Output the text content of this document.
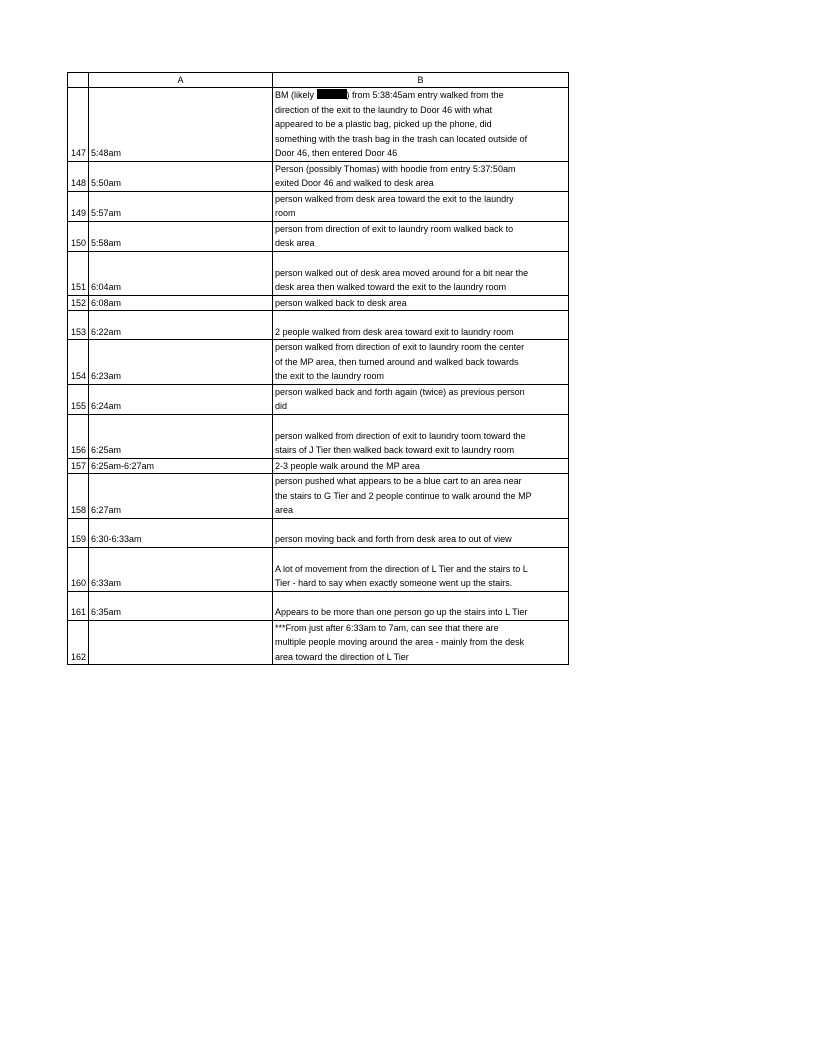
	A	B
147	5:48am	BM (likely ) from 5:38:45am entry walked from the
direction of the exit to the laundry to Door 46 with what
appeared to be a plastic bag, picked up the phone, did
something with the trash bag in the trash can located outside of
Door 46, then entered Door 46
148	5:50am	Person (possibly Thomas) with hoodie from entry 5:37:50am
exited Door 46 and walked to desk area
149	5:57am	person walked from desk area toward the exit to the laundry
room
150	5:58am	person from direction of exit to laundry room walked back to
desk area
151	6:04am	person walked out of desk area moved around for a bit near the
desk area then walked toward the exit to the laundry room
152	6:08am	person walked back to desk area
153	6:22am	2 people walked from desk area toward exit to laundry room
154	6:23am	person walked from direction of exit to laundry room the center
of the MP area, then turned around and walked back towards
the exit to the laundry room
155	6:24am	person walked back and forth again (twice) as previous person
did
156	6:25am	person walked from direction of exit to laundry toom toward the
stairs of J Tier then walked back toward exit to laundry room
157	6:25am-6:27am	2-3 people walk around the MP area
158	6:27am	person pushed what appears to be a blue cart to an area near
the stairs to G Tier and 2 people continue to walk around the MP
area
159	6:30-6:33am	person moving back and forth from desk area to out of view
160	6:33am	A lot of movement from the direction of L Tier and the stairs to L
Tier - hard to say when exactly someone went up the stairs.
161	6:35am	Appears to be more than one person go up the stairs into L Tier
162		***From just after 6:33am to 7am, can see that there are
multiple people moving around the area - mainly from the desk
area toward the direction of L Tier
